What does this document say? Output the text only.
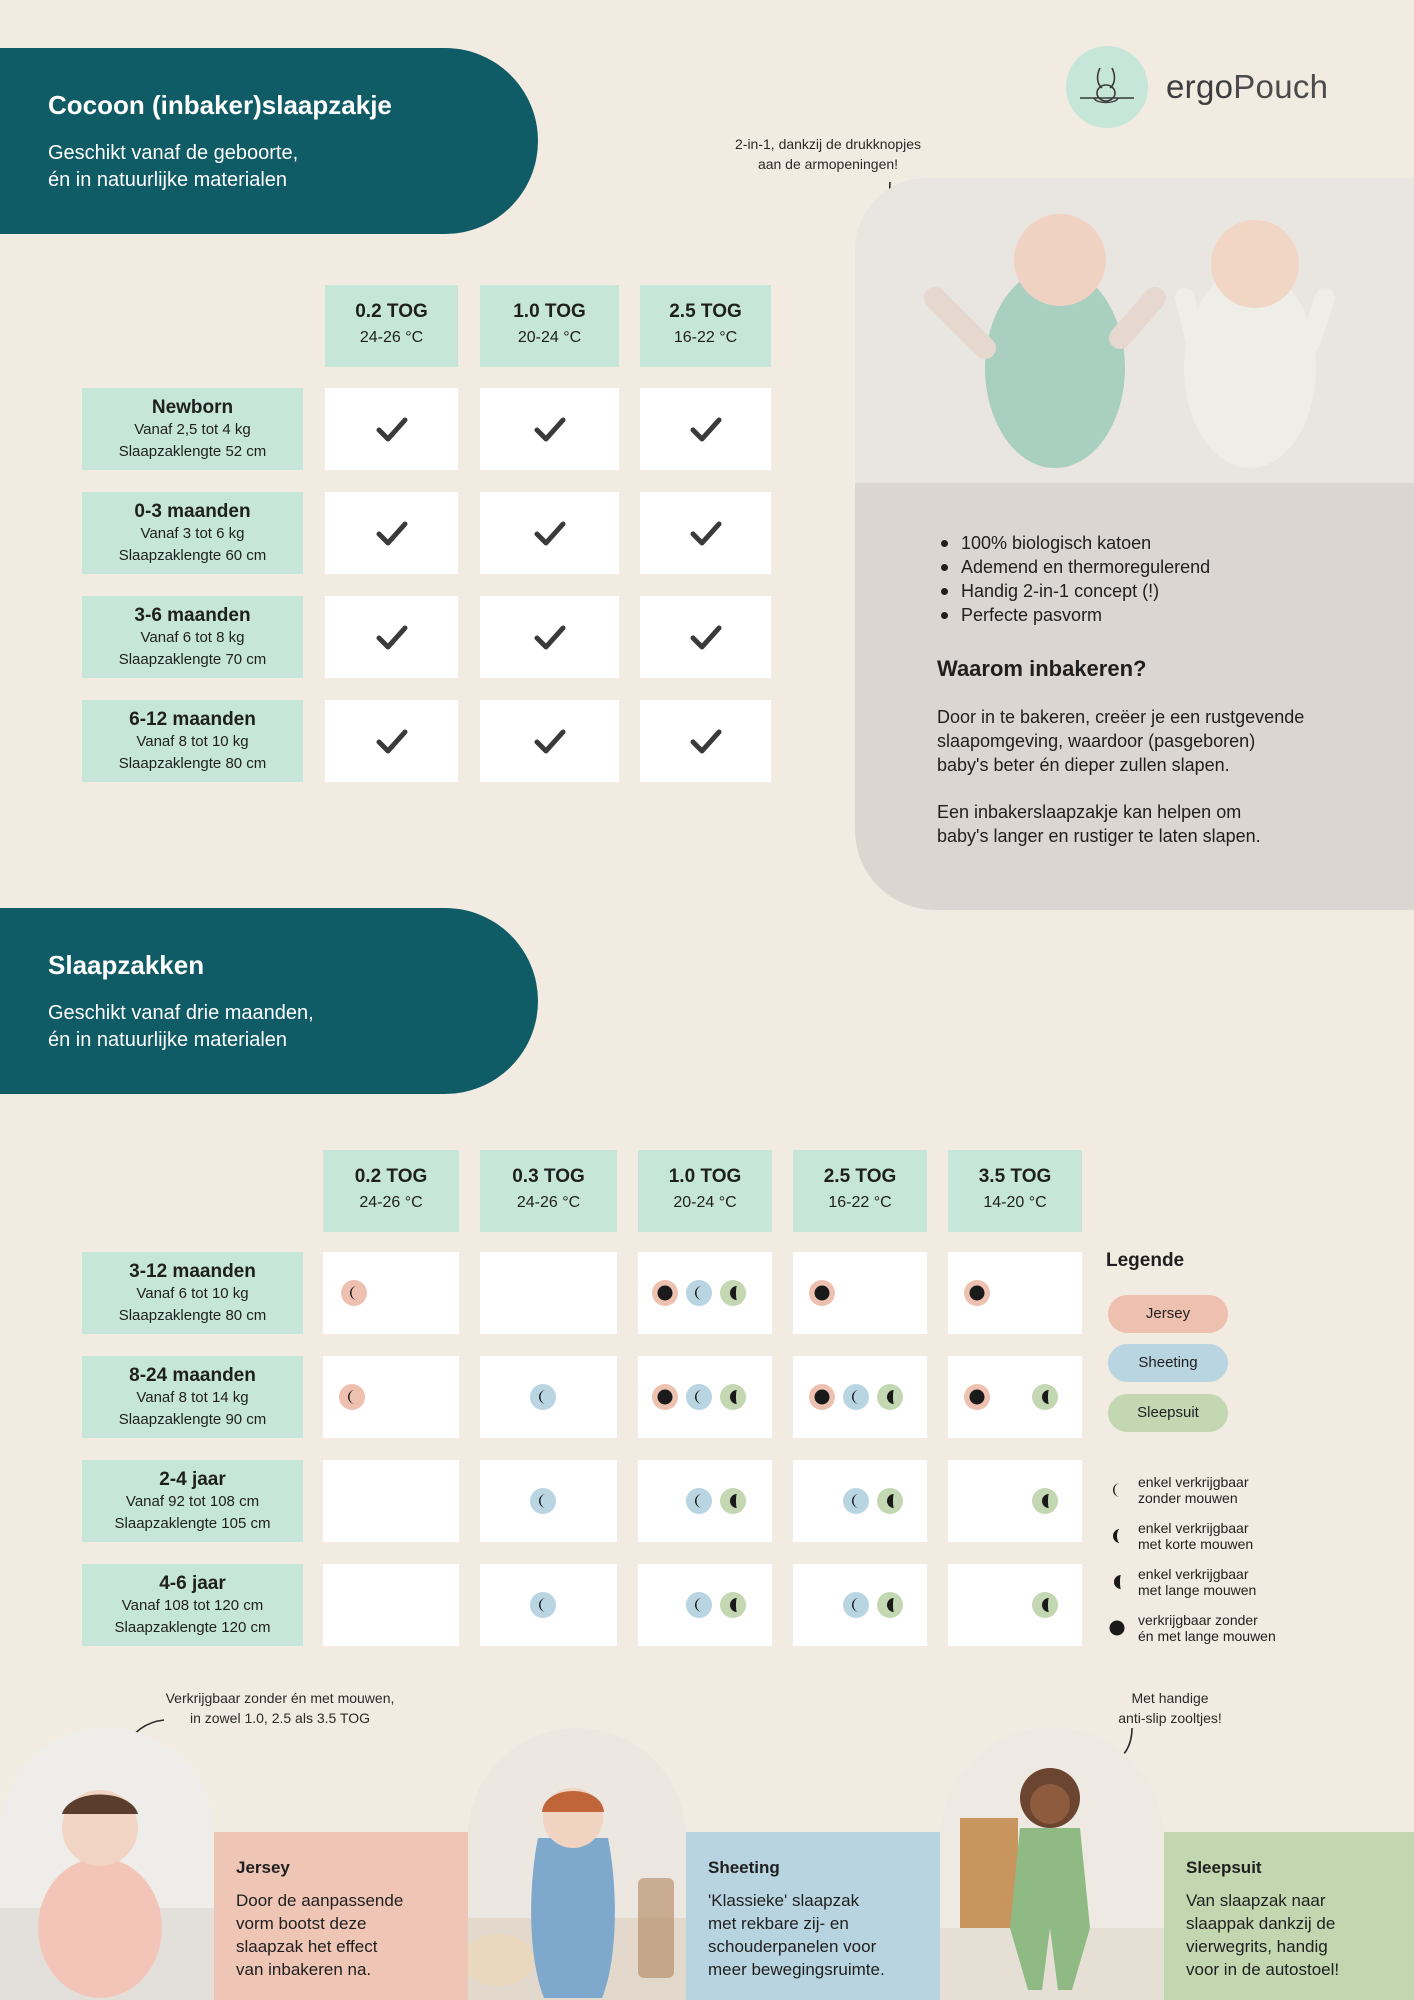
Cocoon (inbaker)slaapzakje

Geschikt vanaf de geboorte,

én in natuurlijke materialen

ergoPouch
2-in-1, dankzij de drukknopjes
aan de armopeningen!
0.2 TOG
24-26 °C
1.0 TOG
20-24 °C
2.5 TOG
16-22 °C
Newborn
Vanaf 2,5 tot 4 kg
Slaapzaklengte 52 cm
0-3 maanden
Vanaf 3 tot 6 kg
Slaapzaklengte 60 cm
3-6 maanden
Vanaf 6 tot 8 kg
Slaapzaklengte 70 cm
6-12 maanden
Vanaf 8 tot 10 kg
Slaapzaklengte 80 cm
100% biologisch katoen
Ademend en thermoregulerend
Handig 2-in-1 concept (!)
Perfecte pasvorm
Waarom inbakeren?

Door in te bakeren, creëer je een rustgevende
slaapomgeving, waardoor (pasgeboren)
baby's beter én dieper zullen slapen.

Een inbakerslaapzakje kan helpen om
baby's langer en rustiger te laten slapen.

Slaapzakken

Geschikt vanaf drie maanden,

én in natuurlijke materialen

0.2 TOG
24-26 °C
0.3 TOG
24-26 °C
1.0 TOG
20-24 °C
2.5 TOG
16-22 °C
3.5 TOG
14-20 °C
3-12 maanden
Vanaf 6 tot 10 kg
Slaapzaklengte 80 cm
8-24 maanden
Vanaf 8 tot 14 kg
Slaapzaklengte 90 cm
2-4 jaar
Vanaf 92 tot 108 cm
Slaapzaklengte 105 cm
4-6 jaar
Vanaf 108 tot 120 cm
Slaapzaklengte 120 cm
Legende
Jersey
Sheeting
Sleepsuit
enkel verkrijgbaar
zonder mouwen
enkel verkrijgbaar
met korte mouwen
enkel verkrijgbaar
met lange mouwen
verkrijgbaar zonder
én met lange mouwen
Verkrijgbaar zonder én met mouwen,
in zowel 1.0, 2.5 als 3.5 TOG
Met handige
anti-slip zooltjes!
Jersey
Door de aanpassende
vorm bootst deze
slaapzak het effect
van inbakeren na.
Sheeting
'Klassieke' slaapzak
met rekbare zij- en
schouderpanelen voor
meer bewegingsruimte.
Sleepsuit
Van slaapzak naar
slaappak dankzij de
vierwegrits, handig
voor in de autostoel!
